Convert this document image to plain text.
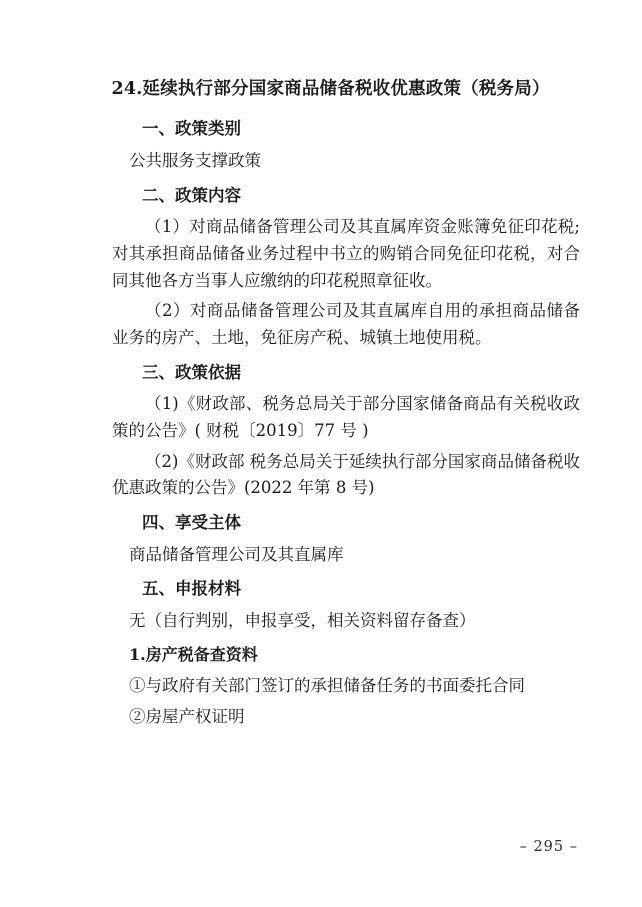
24.延续执行部分国家商品储备税收优惠政策（税务局）
一、政策类别

公共服务支撑政策

二、政策内容

（1）对商品储备管理公司及其直属库资金账簿免征印花税; 对其承担商品储备业务过程中书立的购销合同免征印花税，对合同其他各方当事人应缴纳的印花税照章征收。

（2）对商品储备管理公司及其直属库自用的承担商品储备业务的房产、土地，免征房产税、城镇土地使用税。

三、政策依据

（1)《财政部、税务总局关于部分国家储备商品有关税收政策的公告》( 财税〔2019〕77 号 )

（2)《财政部 税务总局关于延续执行部分国家商品储备税收优惠政策的公告》(2022 年第 8 号)

四、享受主体

商品储备管理公司及其直属库

五、申报材料

无（自行判别，申报享受，相关资料留存备查）

1.房产税备查资料

①与政府有关部门签订的承担储备任务的书面委托合同

②房屋产权证明

– 295 –
